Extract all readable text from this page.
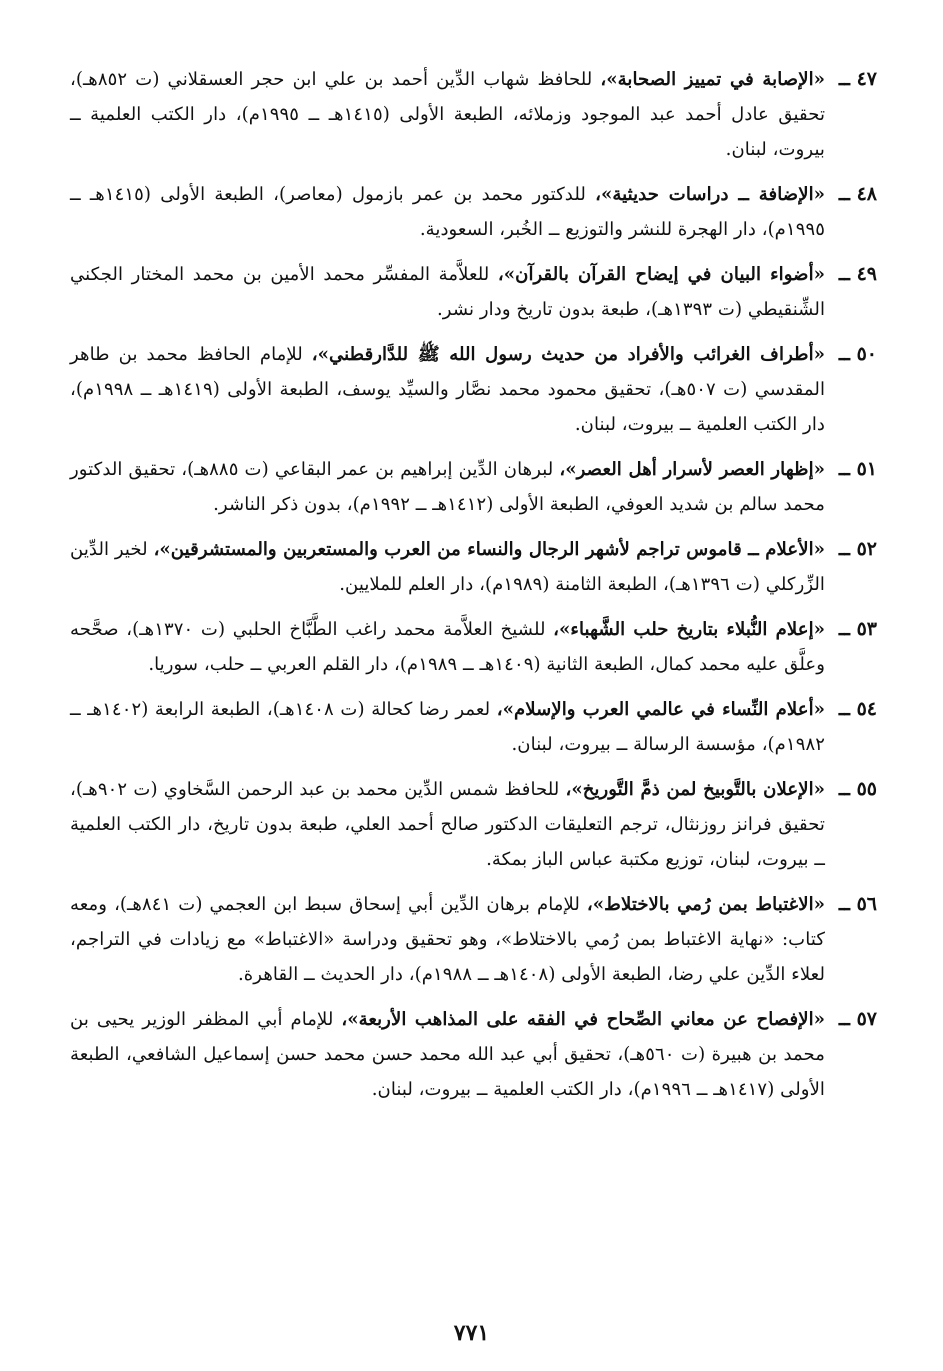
٤٧ ــ

«الإصابة في تمييز الصحابة»، للحافظ شهاب الدِّين أحمد بن علي ابن حجر العسقلاني (ت ٨٥٢هـ)، تحقيق عادل أحمد عبد الموجود وزملائه، الطبعة الأولى (١٤١٥هـ ــ ١٩٩٥م)، دار الكتب العلمية ــ بيروت، لبنان.

٤٨ ــ

«الإضافة ــ دراسات حديثية»، للدكتور محمد بن عمر بازمول (معاصر)، الطبعة الأولى (١٤١٥هـ ــ ١٩٩٥م)، دار الهجرة للنشر والتوزيع ــ الخُبر، السعودية.

٤٩ ــ

«أضواء البيان في إيضاح القرآن بالقرآن»، للعلاَّمة المفسِّر محمد الأمين بن محمد المختار الجكني الشِّنقيطي (ت ١٣٩٣هـ)، طبعة بدون تاريخ ودار نشر.

٥٠ ــ

«أطراف الغرائب والأفراد من حديث رسول الله ﷺ للدَّارقطني»، للإمام الحافظ محمد بن طاهر المقدسي (ت ٥٠٧هـ)، تحقيق محمود محمد نصَّار والسيِّد يوسف، الطبعة الأولى (١٤١٩هـ ــ ١٩٩٨م)، دار الكتب العلمية ــ بيروت، لبنان.

٥١ ــ

«إظهار العصر لأسرار أهل العصر»، لبرهان الدِّين إبراهيم بن عمر البقاعي (ت ٨٨٥هـ)، تحقيق الدكتور محمد سالم بن شديد العوفي، الطبعة الأولى (١٤١٢هـ ــ ١٩٩٢م)، بدون ذكر الناشر.

٥٢ ــ

«الأعلام ــ قاموس تراجم لأشهر الرجال والنساء من العرب والمستعربين والمستشرقين»، لخير الدِّين الزِّركلي (ت ١٣٩٦هـ)، الطبعة الثامنة (١٩٨٩م)، دار العلم للملايين.

٥٣ ــ

«إعلام النُّبلاء بتاريخ حلب الشَّهباء»، للشيخ العلاَّمة محمد راغب الطَّبَّاخ الحلبي (ت ١٣٧٠هـ)، صحَّحه وعلَّق عليه محمد كمال، الطبعة الثانية (١٤٠٩هـ ــ ١٩٨٩م)، دار القلم العربي ــ حلب، سوريا.

٥٤ ــ

«أعلام النِّساء في عالمي العرب والإسلام»، لعمر رضا كحالة (ت ١٤٠٨هـ)، الطبعة الرابعة (١٤٠٢هـ ــ ١٩٨٢م)، مؤسسة الرسالة ــ بيروت، لبنان.

٥٥ ــ

«الإعلان بالتَّوبيخ لمن ذمَّ التَّوريخ»، للحافظ شمس الدِّين محمد بن عبد الرحمن السَّخاوي (ت ٩٠٢هـ)، تحقيق فرانز روزنثال، ترجم التعليقات الدكتور صالح أحمد العلي، طبعة بدون تاريخ، دار الكتب العلمية ــ بيروت، لبنان، توزيع مكتبة عباس الباز بمكة.

٥٦ ــ

«الاغتباط بمن رُمي بالاختلاط»، للإمام برهان الدِّين أبي إسحاق سبط ابن العجمي (ت ٨٤١هـ)، ومعه كتاب: «نهاية الاغتباط بمن رُمي بالاختلاط»، وهو تحقيق ودراسة «الاغتباط» مع زيادات في التراجم، لعلاء الدِّين علي رضا، الطبعة الأولى (١٤٠٨هـ ــ ١٩٨٨م)، دار الحديث ــ القاهرة.

٥٧ ــ

«الإفصاح عن معاني الصِّحاح في الفقه على المذاهب الأربعة»، للإمام أبي المظفر الوزير يحيى بن محمد بن هبيرة (ت ٥٦٠هـ)، تحقيق أبي عبد الله محمد حسن محمد حسن إسماعيل الشافعي، الطبعة الأولى (١٤١٧هـ ــ ١٩٩٦م)، دار الكتب العلمية ــ بيروت، لبنان.

٧٧١
